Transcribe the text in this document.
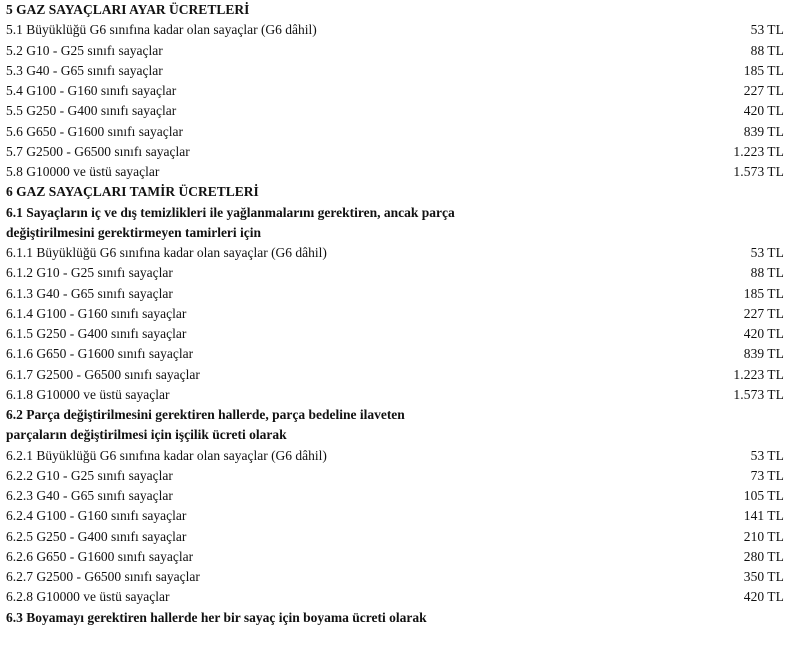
5 GAZ SAYAÇLARI AYAR ÜCRETLERİ
5.1 Büyüklüğü G6 sınıfına kadar olan sayaçlar (G6 dâhil)	53 TL
5.2 G10 - G25 sınıfı sayaçlar	88 TL
5.3 G40 - G65 sınıfı sayaçlar	185 TL
5.4 G100 - G160 sınıfı sayaçlar	227 TL
5.5 G250 - G400 sınıfı sayaçlar	420 TL
5.6 G650 - G1600 sınıfı sayaçlar	839 TL
5.7 G2500 - G6500 sınıfı sayaçlar	1.223 TL
5.8 G10000 ve üstü sayaçlar	1.573 TL
6 GAZ SAYAÇLARI TAMİR ÜCRETLERİ
6.1 Sayaçların iç ve dış temizlikleri ile yağlanmalarını gerektiren, ancak parça
değiştirilmesini gerektirmeyen tamirleri için
6.1.1 Büyüklüğü G6 sınıfına kadar olan sayaçlar (G6 dâhil)	53 TL
6.1.2 G10 - G25 sınıfı sayaçlar	88 TL
6.1.3 G40 - G65 sınıfı sayaçlar	185 TL
6.1.4 G100 - G160 sınıfı sayaçlar	227 TL
6.1.5 G250 - G400 sınıfı sayaçlar	420 TL
6.1.6 G650 - G1600 sınıfı sayaçlar	839 TL
6.1.7 G2500 - G6500 sınıfı sayaçlar	1.223 TL
6.1.8 G10000 ve üstü sayaçlar	1.573 TL
6.2 Parça değiştirilmesini gerektiren hallerde, parça bedeline ilaveten
parçaların değiştirilmesi için işçilik ücreti olarak
6.2.1 Büyüklüğü G6 sınıfına kadar olan sayaçlar (G6 dâhil)	53 TL
6.2.2 G10 - G25 sınıfı sayaçlar	73 TL
6.2.3 G40 - G65 sınıfı sayaçlar	105 TL
6.2.4 G100 - G160 sınıfı sayaçlar	141 TL
6.2.5 G250 - G400 sınıfı sayaçlar	210 TL
6.2.6 G650 - G1600 sınıfı sayaçlar	280 TL
6.2.7 G2500 - G6500 sınıfı sayaçlar	350 TL
6.2.8 G10000 ve üstü sayaçlar	420 TL
6.3 Boyamayı gerektiren hallerde her bir sayaç için boyama ücreti olarak
